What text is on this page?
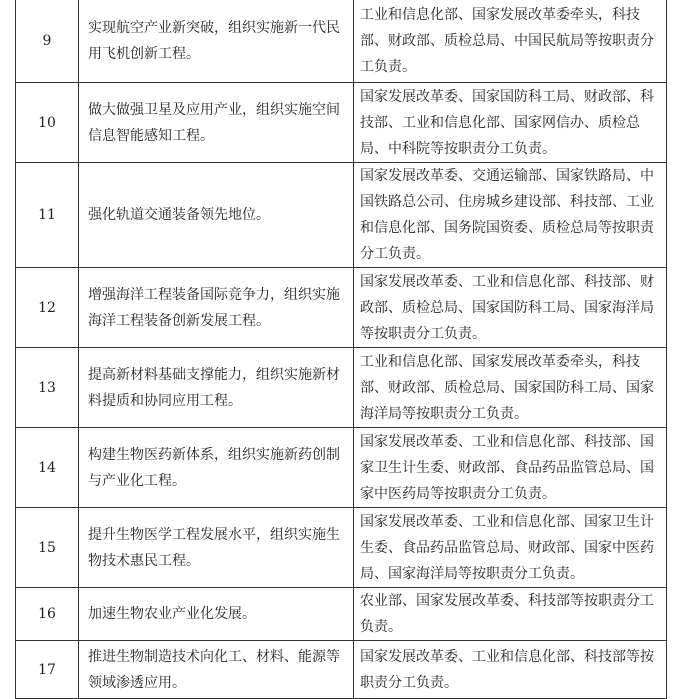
9	实现航空产业新突破，组织实施新一代民用飞机创新工程。	工业和信息化部、国家发展改革委牵头，科技部、财政部、质检总局、中国民航局等按职责分工负责。
10	做大做强卫星及应用产业，组织实施空间信息智能感知工程。	国家发展改革委、国家国防科工局、财政部、科技部、工业和信息化部、国家网信办、质检总局、中科院等按职责分工负责。
11	强化轨道交通装备领先地位。	国家发展改革委、交通运输部、国家铁路局、中国铁路总公司、住房城乡建设部、科技部、工业和信息化部、国务院国资委、质检总局等按职责分工负责。
12	增强海洋工程装备国际竞争力，组织实施海洋工程装备创新发展工程。	国家发展改革委、工业和信息化部、科技部、财政部、质检总局、国家国防科工局、国家海洋局等按职责分工负责。
13	提高新材料基础支撑能力，组织实施新材料提质和协同应用工程。	工业和信息化部、国家发展改革委牵头，科技部、财政部、质检总局、国家国防科工局、国家海洋局等按职责分工负责。
14	构建生物医药新体系，组织实施新药创制与产业化工程。	国家发展改革委、工业和信息化部、科技部、国家卫生计生委、财政部、食品药品监管总局、国家中医药局等按职责分工负责。
15	提升生物医学工程发展水平，组织实施生物技术惠民工程。	国家发展改革委、工业和信息化部、国家卫生计生委、食品药品监管总局、财政部、国家中医药局、国家海洋局等按职责分工负责。
16	加速生物农业产业化发展。	农业部、国家发展改革委、科技部等按职责分工负责。
17	推进生物制造技术向化工、材料、能源等领域渗透应用。	国家发展改革委、工业和信息化部、科技部等按职责分工负责。
